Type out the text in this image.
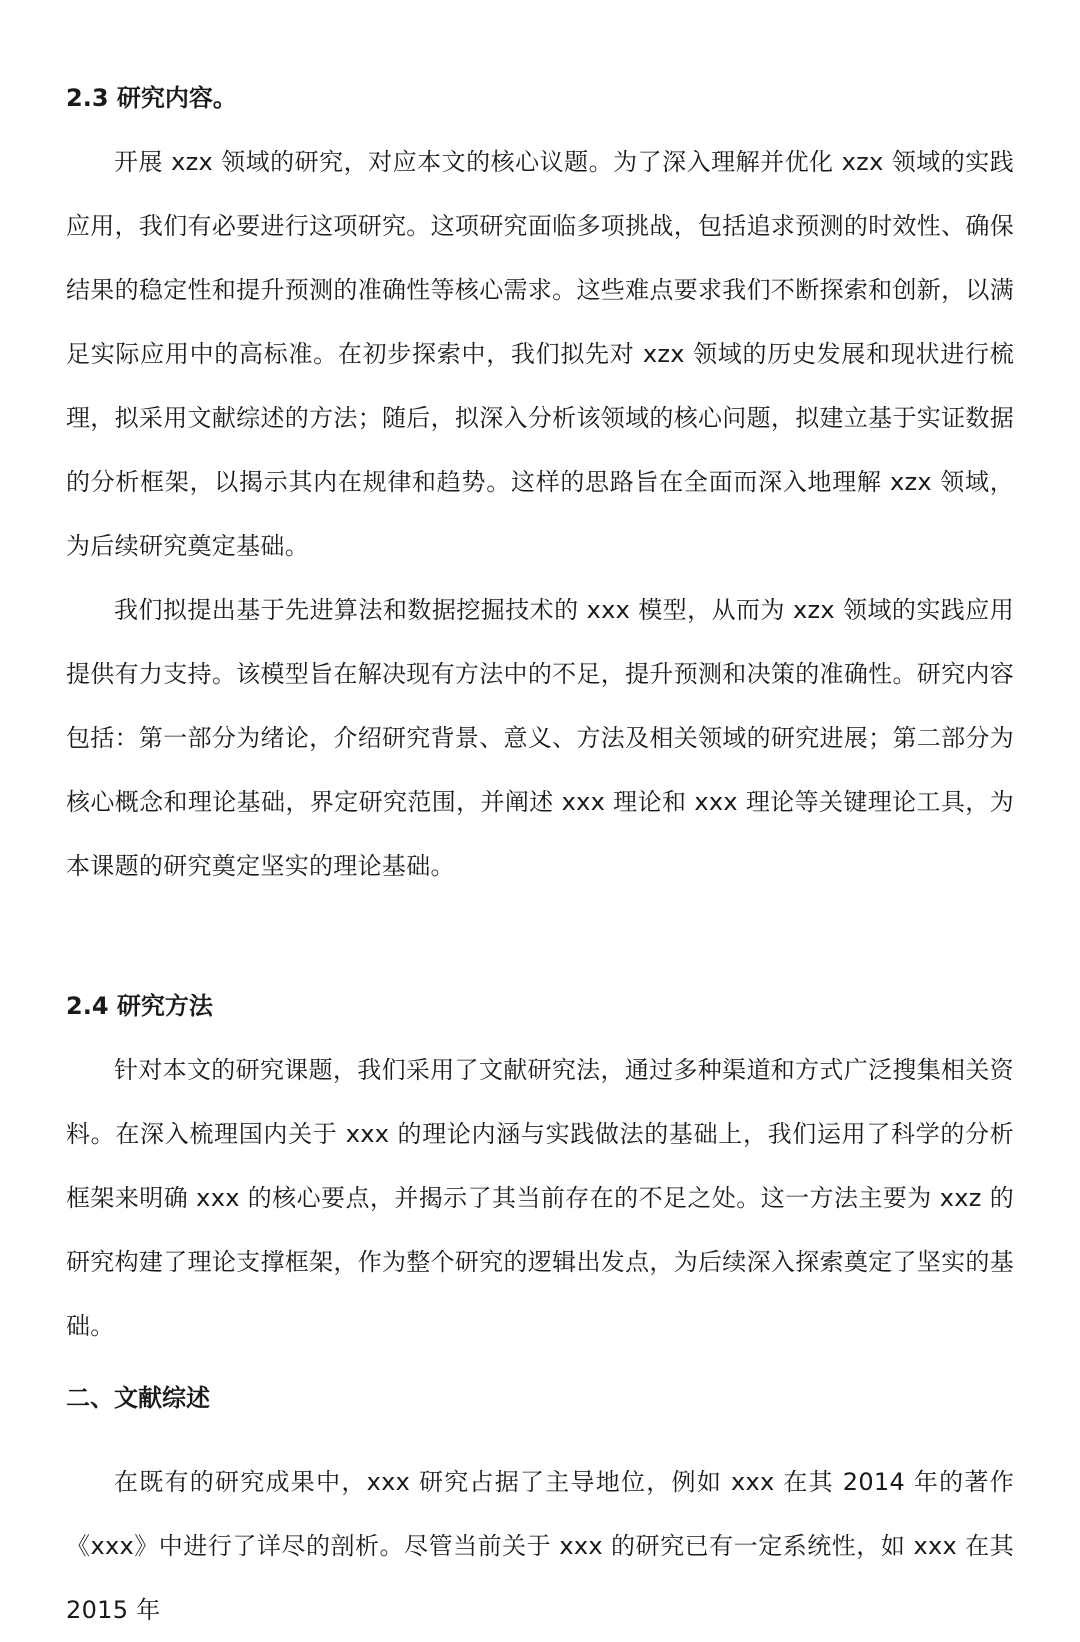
2.3 研究内容。

开展 xzx 领域的研究，对应本文的核心议题。为了深入理解并优化 xzx 领域的实践应用，我们有必要进行这项研究。这项研究面临多项挑战，包括追求预测的时效性、确保结果的稳定性和提升预测的准确性等核心需求。这些难点要求我们不断探索和创新，以满足实际应用中的高标准。在初步探索中，我们拟先对 xzx 领域的历史发展和现状进行梳理，拟采用文献综述的方法；随后，拟深入分析该领域的核心问题，拟建立基于实证数据的分析框架，以揭示其内在规律和趋势。这样的思路旨在全面而深入地理解 xzx 领域，为后续研究奠定基础。

我们拟提出基于先进算法和数据挖掘技术的 xxx 模型，从而为 xzx 领域的实践应用提供有力支持。该模型旨在解决现有方法中的不足，提升预测和决策的准确性。研究内容包括：第一部分为绪论，介绍研究背景、意义、方法及相关领域的研究进展；第二部分为核心概念和理论基础，界定研究范围，并阐述 xxx 理论和 xxx 理论等关键理论工具，为本课题的研究奠定坚实的理论基础。

2.4 研究方法

针对本文的研究课题，我们采用了文献研究法，通过多种渠道和方式广泛搜集相关资料。在深入梳理国内关于 xxx 的理论内涵与实践做法的基础上，我们运用了科学的分析框架来明确 xxx 的核心要点，并揭示了其当前存在的不足之处。这一方法主要为 xxz 的研究构建了理论支撑框架，作为整个研究的逻辑出发点，为后续深入探索奠定了坚实的基础。

二、文献综述

在既有的研究成果中，xxx 研究占据了主导地位，例如 xxx 在其 2014 年的著作《xxx》中进行了详尽的剖析。尽管当前关于 xxx 的研究已有一定系统性，如 xxx 在其 2015 年
